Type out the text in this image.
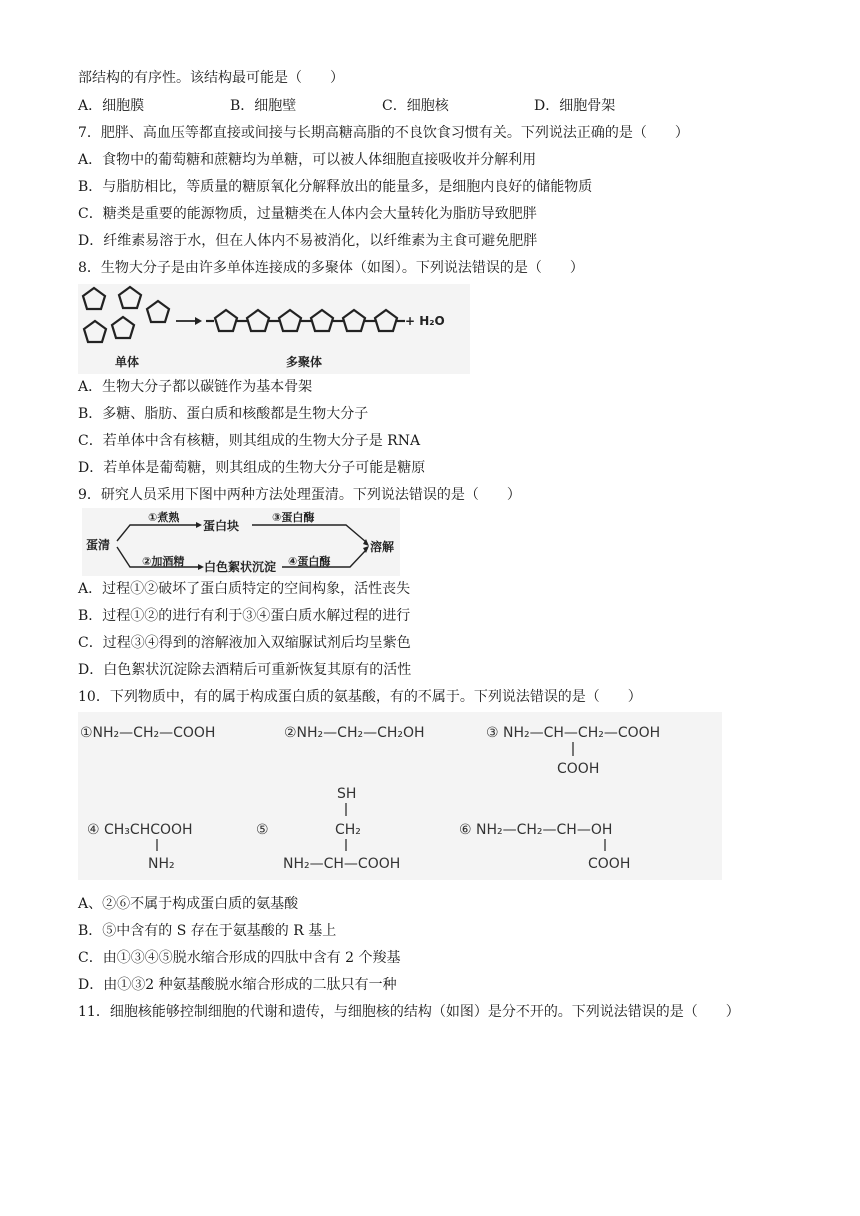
部结构的有序性。该结构最可能是（　　）
A．细胞膜	B．细胞壁	C．细胞核	D．细胞骨架
7．肥胖、高血压等都直接或间接与长期高糖高脂的不良饮食习惯有关。下列说法正确的是（　　）
A．食物中的葡萄糖和蔗糖均为单糖，可以被人体细胞直接吸收并分解利用
B．与脂肪相比，等质量的糖原氧化分解释放出的能量多，是细胞内良好的储能物质
C．糖类是重要的能源物质，过量糖类在人体内会大量转化为脂肪导致肥胖
D．纤维素易溶于水，但在人体内不易被消化，以纤维素为主食可避免肥胖
8．生物大分子是由许多单体连接成的多聚体（如图）。下列说法错误的是（　　）
+ H₂O
单体	多聚体
A．生物大分子都以碳链作为基本骨架
B．多糖、脂肪、蛋白质和核酸都是生物大分子
C．若单体中含有核糖，则其组成的生物大分子是 RNA
D．若单体是葡萄糖，则其组成的生物大分子可能是糖原
9．研究人员采用下图中两种方法处理蛋清。下列说法错误的是（　　）
蛋清
①煮熟
蛋白块
③蛋白酶
②加酒精 白色絮状沉淀 ④蛋白酶
溶解
A．过程①②破坏了蛋白质特定的空间构象，活性丧失
B．过程①②的进行有利于③④蛋白质水解过程的进行
C．过程③④得到的溶解液加入双缩脲试剂后均呈紫色
D．白色絮状沉淀除去酒精后可重新恢复其原有的活性
10．下列物质中，有的属于构成蛋白质的氨基酸，有的不属于。下列说法错误的是（　　）
①NH₂—CH₂—COOH	②NH₂—CH₂—CH₂OH	③ NH₂—CH—CH₂—COOH
COOH
④ CH₃CHCOOH
NH₂
⑤
SH
CH₂
NH₂—CH—COOH
⑥ NH₂—CH₂—CH—OH
COOH
A、②⑥不属于构成蛋白质的氨基酸
B．⑤中含有的 S 存在于氨基酸的 R 基上
C．由①③④⑤脱水缩合形成的四肽中含有 2 个羧基
D．由①③2 种氨基酸脱水缩合形成的二肽只有一种
11．细胞核能够控制细胞的代谢和遗传，与细胞核的结构（如图）是分不开的。下列说法错误的是（　　）
